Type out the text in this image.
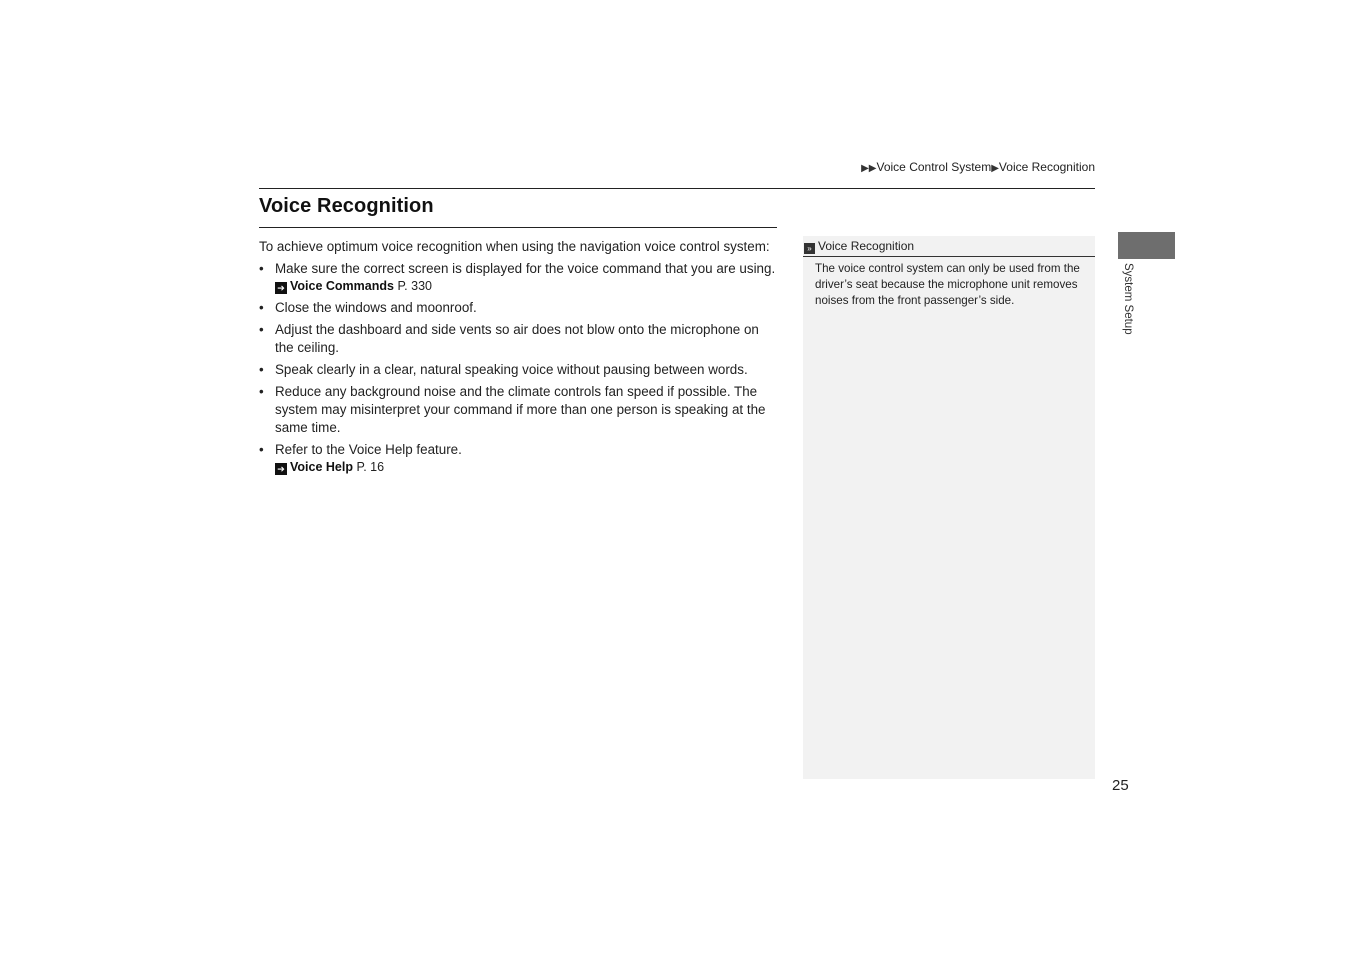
▶▶Voice Control System▶Voice Recognition
Voice Recognition

To achieve optimum voice recognition when using the navigation voice control system:

• Make sure the correct screen is displayed for the voice command that you are using.
➔ Voice Commands P. 330
• Close the windows and moonroof.
• Adjust the dashboard and side vents so air does not blow onto the microphone on the ceiling.
• Speak clearly in a clear, natural speaking voice without pausing between words.
• Reduce any background noise and the climate controls fan speed if possible. The system may misinterpret your command if more than one person is speaking at the same time.
• Refer to the Voice Help feature.
➔ Voice Help P. 16
» Voice Recognition
The voice control system can only be used from the driver’s seat because the microphone unit removes noises from the front passenger’s side.	System Setup
25
